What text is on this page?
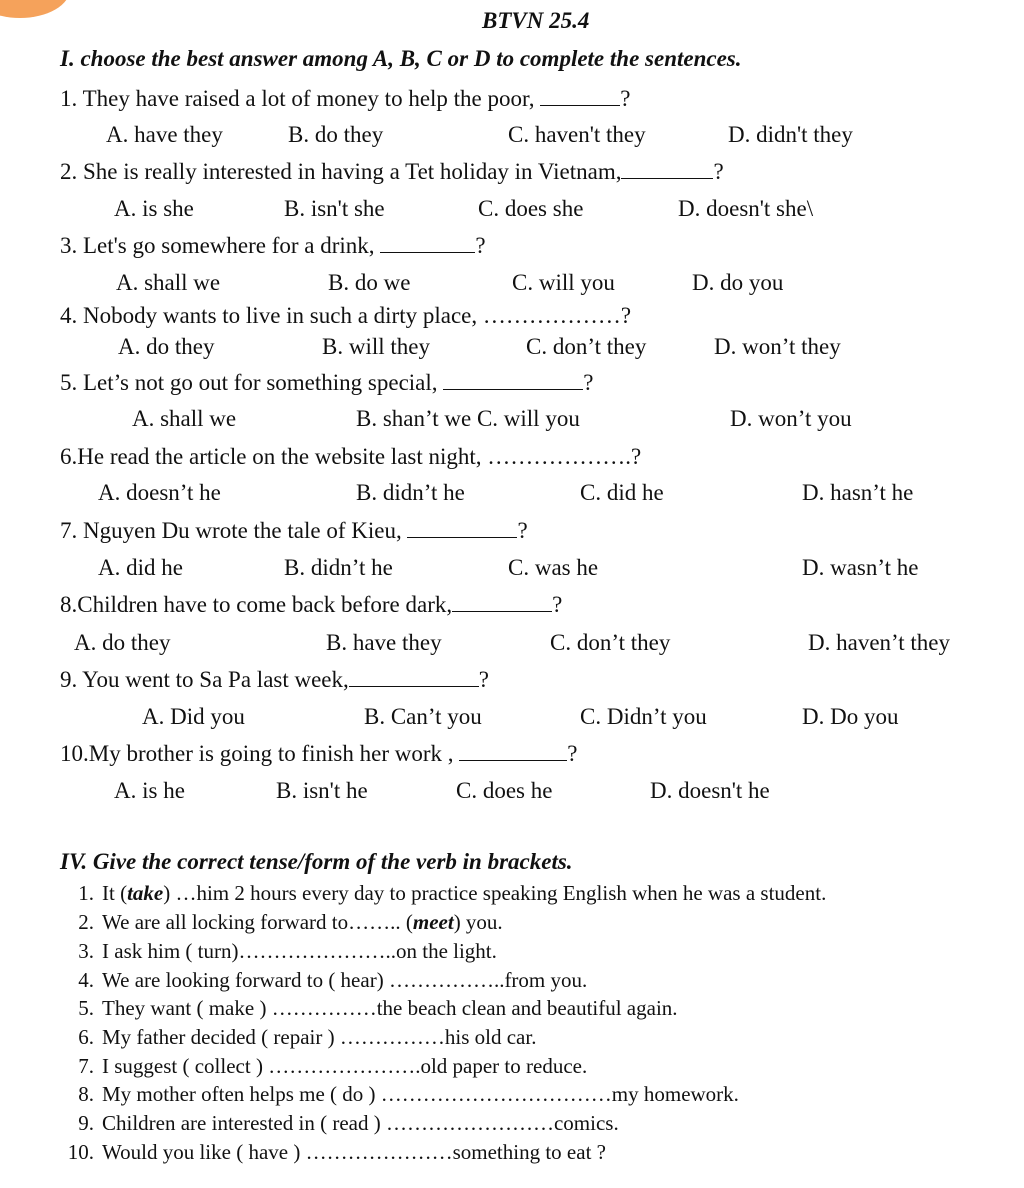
BTVN 25.4
I. choose the best answer among A, B, C or D to complete the sentences.
1. They have raised a lot of money to help the poor,	?
A. have they	B. do they	C. haven't they	D. didn't they
2. She is really interested in having a Tet holiday in Vietnam,	?
A. is she	B. isn't she	C. does she	D. doesn't she\
3. Let's go somewhere for a drink,	?
A. shall we	B. do we	C. will you	D. do you
4. Nobody wants to live in such a dirty place, ………………?
A. do they	B. will they	C. don’t they	D. won’t they
5. Let’s not go out for something special,	?
A. shall we	B. shan’t we C. will you	D. won’t you
6.He read the article on the website last night, ……………….?
A. doesn’t he	B. didn’t he	C. did he	D. hasn’t he
7. Nguyen Du wrote the tale of Kieu,	?
A. did he	B. didn’t he	C. was he	D. wasn’t he
8.Children have to come back before dark,	?
A. do they	B. have they	C. don’t they	D. haven’t they
9. You went to Sa Pa last week,	?
A. Did you	B. Can’t you	C. Didn’t you	D. Do you
10.My brother is going to finish her work ,	?
A. is he	B. isn't he	C. does he	D. doesn't he
IV. Give the correct tense/form of the verb in brackets.
1. It (take) …him 2 hours every day to practice speaking English when he was a student.
2. We are all locking forward to…….. (meet) you.
3. I ask him ( turn)…………………..on the light.
4. We are looking forward to ( hear) ……………..from you.
5. They want ( make ) ……………the beach clean and beautiful again.
6. My father decided ( repair ) ……………his old car.
7. I suggest ( collect ) ………………….old paper to reduce.
8. My mother often helps me ( do ) ……………………………my homework.
9. Children are interested in ( read ) ……………………comics.
10. Would you like ( have ) …………………something to eat ?
